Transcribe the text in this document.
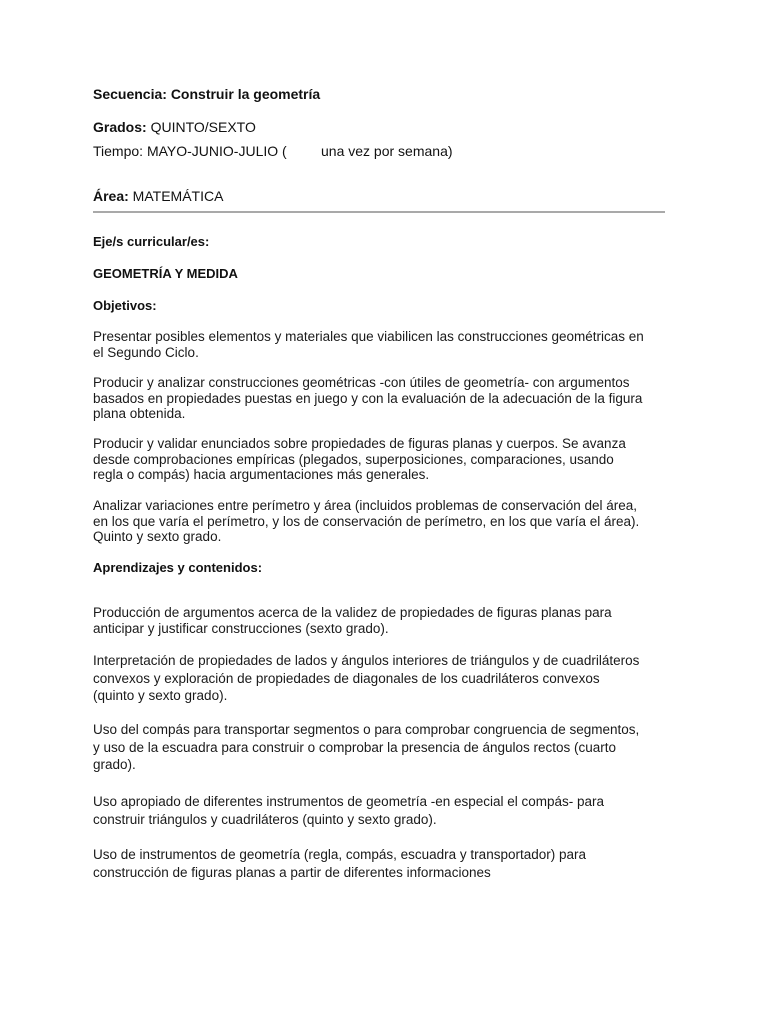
Secuencia: Construir la geometría

Grados: QUINTO/SEXTO

Tiempo: MAYO-JUNIO-JULIO ( una vez por semana)

Área: MATEMÁTICA

Eje/s curricular/es:

GEOMETRÍA Y MEDIDA

Objetivos:

Presentar posibles elementos y materiales que viabilicen las construcciones geométricas en
el Segundo Ciclo.
Producir y analizar construcciones geométricas -con útiles de geometría- con argumentos
basados en propiedades puestas en juego y con la evaluación de la adecuación de la figura
plana obtenida.
Producir y validar enunciados sobre propiedades de figuras planas y cuerpos. Se avanza
desde comprobaciones empíricas (plegados, superposiciones, comparaciones, usando
regla o compás) hacia argumentaciones más generales.
Analizar variaciones entre perímetro y área (incluidos problemas de conservación del área,
en los que varía el perímetro, y los de conservación de perímetro, en los que varía el área).
Quinto y sexto grado.

Aprendizajes y contenidos:

Producción de argumentos acerca de la validez de propiedades de figuras planas para
anticipar y justificar construcciones (sexto grado).
Interpretación de propiedades de lados y ángulos interiores de triángulos y de cuadriláteros
convexos y exploración de propiedades de diagonales de los cuadriláteros convexos
(quinto y sexto grado).
Uso del compás para transportar segmentos o para comprobar congruencia de segmentos,
y uso de la escuadra para construir o comprobar la presencia de ángulos rectos (cuarto
grado).
Uso apropiado de diferentes instrumentos de geometría -en especial el compás- para
construir triángulos y cuadriláteros (quinto y sexto grado).
Uso de instrumentos de geometría (regla, compás, escuadra y transportador) para
construcción de figuras planas a partir de diferentes informaciones
